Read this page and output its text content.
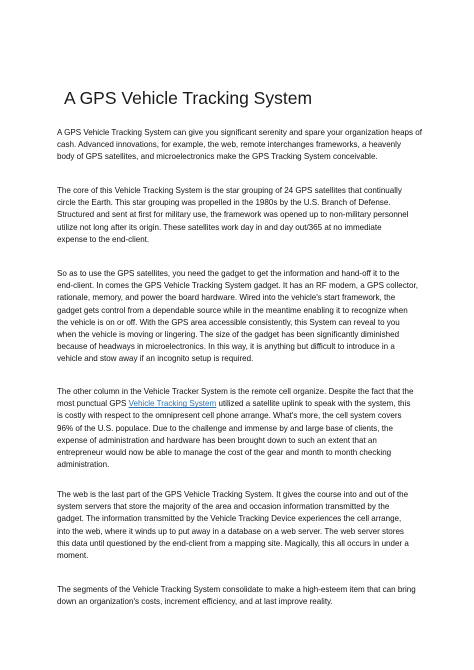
A GPS Vehicle Tracking System

A GPS Vehicle Tracking System can give you significant serenity and spare your organization heaps of
cash. Advanced innovations, for example, the web, remote interchanges frameworks, a heavenly
body of GPS satellites, and microelectronics make the GPS Tracking System conceivable.

The core of this Vehicle Tracking System is the star grouping of 24 GPS satellites that continually
circle the Earth. This star grouping was propelled in the 1980s by the U.S. Branch of Defense.
Structured and sent at first for military use, the framework was opened up to non-military personnel
utilize not long after its origin. These satellites work day in and day out/365 at no immediate
expense to the end-client.

So as to use the GPS satellites, you need the gadget to get the information and hand-off it to the
end-client. In comes the GPS Vehicle Tracking System gadget. It has an RF modem, a GPS collector,
rationale, memory, and power the board hardware. Wired into the vehicle's start framework, the
gadget gets control from a dependable source while in the meantime enabling it to recognize when
the vehicle is on or off. With the GPS area accessible consistently, this System can reveal to you
when the vehicle is moving or lingering. The size of the gadget has been significantly diminished
because of headways in microelectronics. In this way, it is anything but difficult to introduce in a
vehicle and stow away if an incognito setup is required.

The other column in the Vehicle Tracker System is the remote cell organize. Despite the fact that the
most punctual GPS Vehicle Tracking System utilized a satellite uplink to speak with the system, this
is costly with respect to the omnipresent cell phone arrange. What's more, the cell system covers
96% of the U.S. populace. Due to the challenge and immense by and large base of clients, the
expense of administration and hardware has been brought down to such an extent that an
entrepreneur would now be able to manage the cost of the gear and month to month checking
administration.

The web is the last part of the GPS Vehicle Tracking System. It gives the course into and out of the
system servers that store the majority of the area and occasion information transmitted by the
gadget. The information transmitted by the Vehicle Tracking Device experiences the cell arrange,
into the web, where it winds up to put away in a database on a web server. The web server stores
this data until questioned by the end-client from a mapping site. Magically, this all occurs in under a
moment.

The segments of the Vehicle Tracking System consolidate to make a high-esteem item that can bring
down an organization's costs, increment efficiency, and at last improve reality.
